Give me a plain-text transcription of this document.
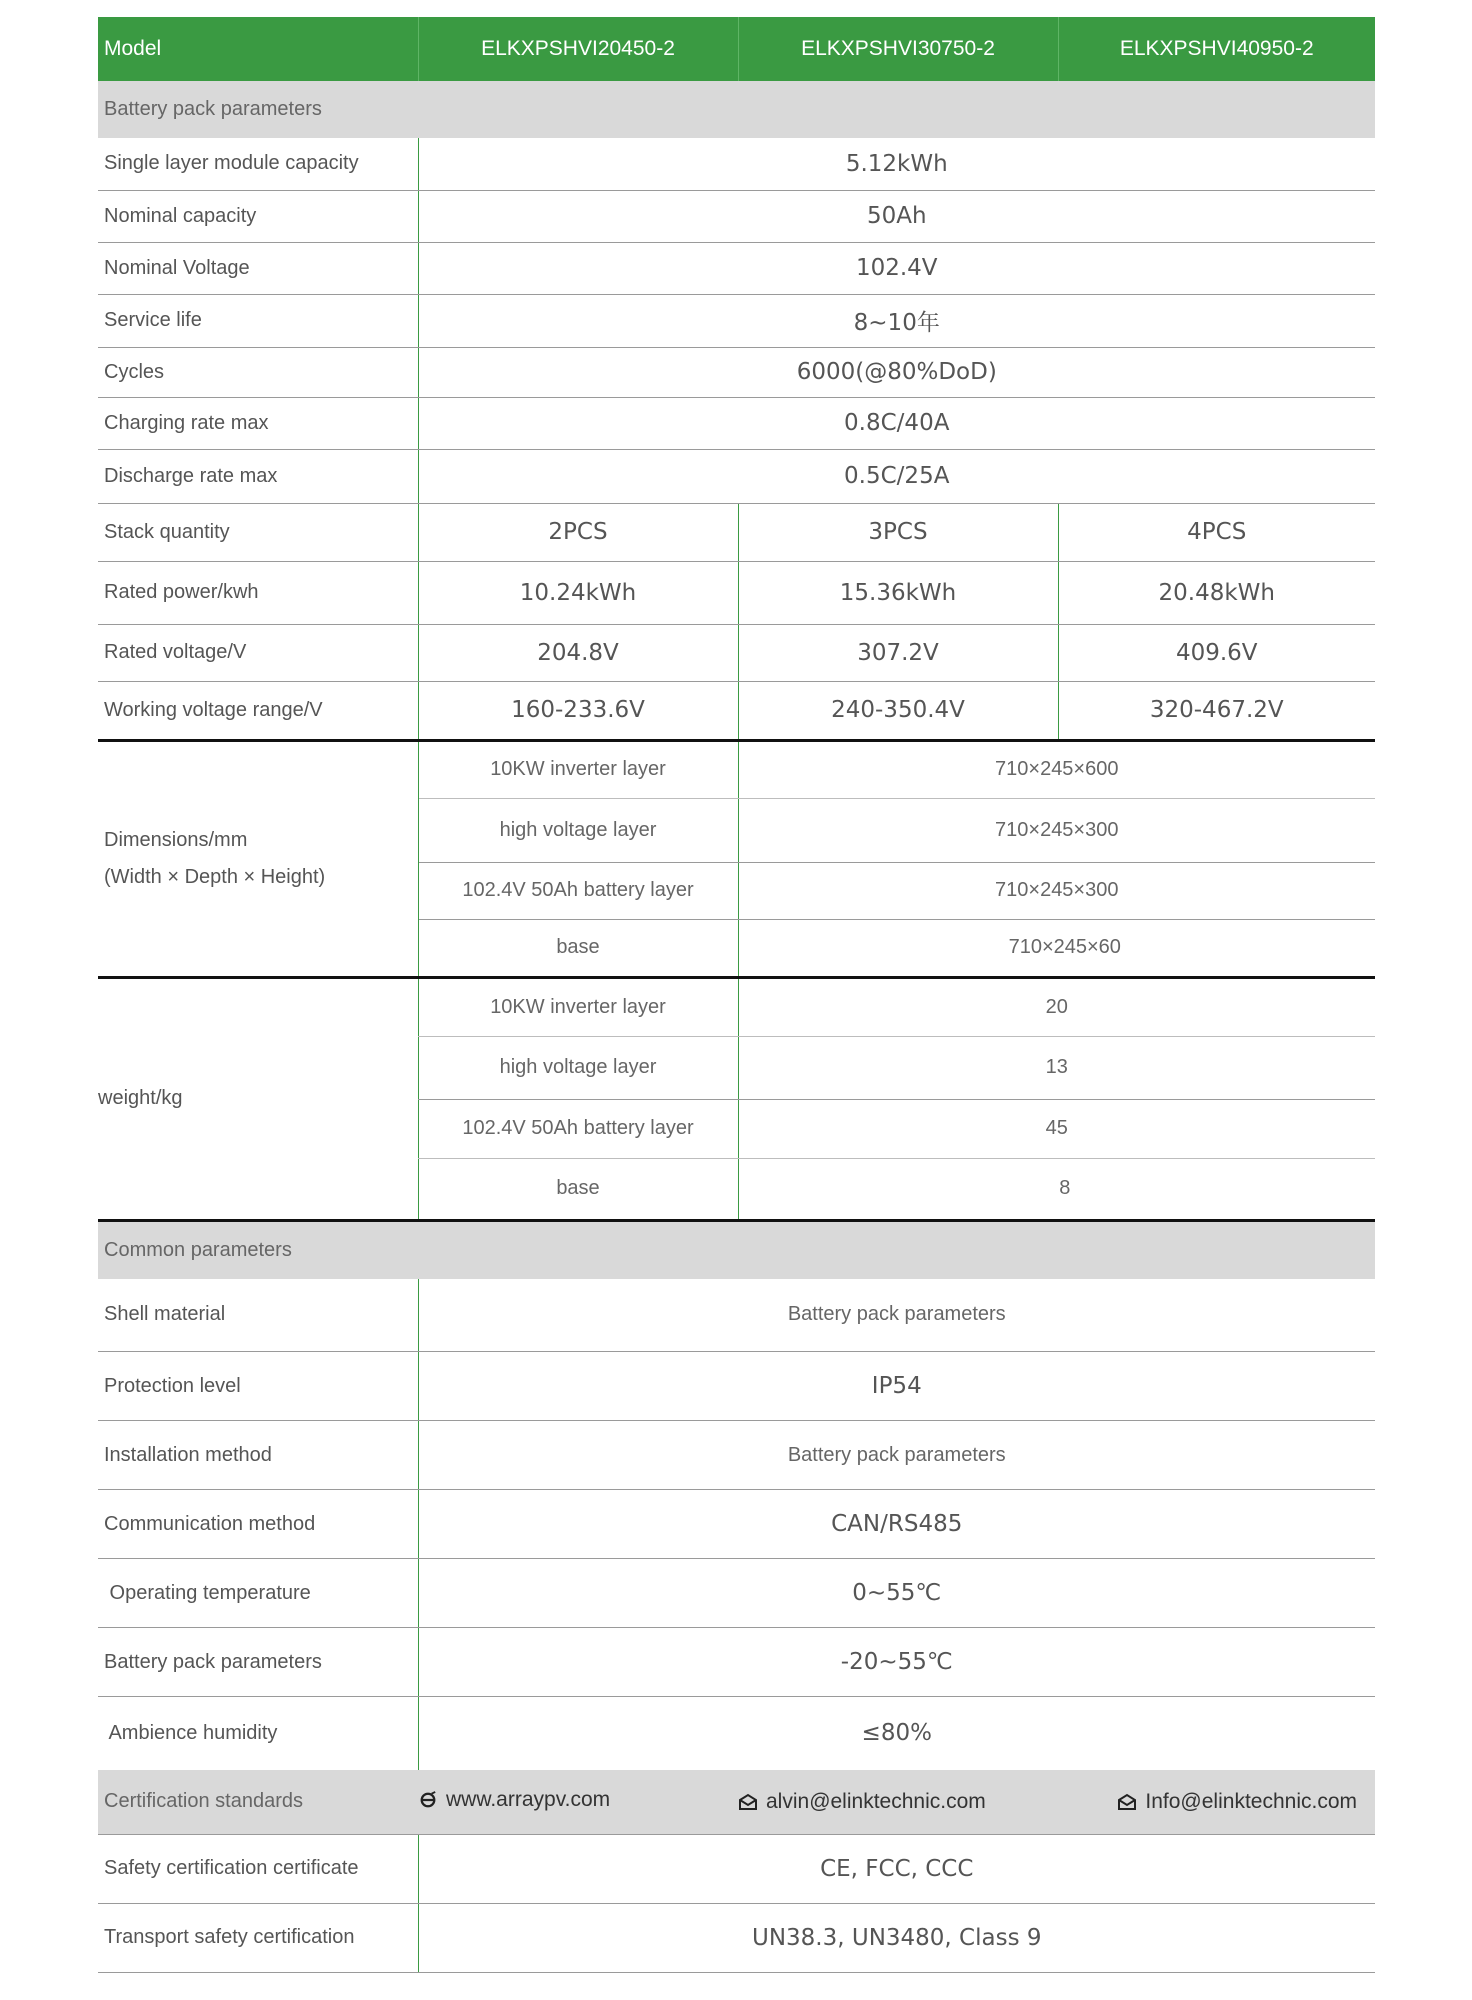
Model	ELKXPSHVI20450-2	ELKXPSHVI30750-2	ELKXPSHVI40950-2
Battery pack parameters			
Single layer module capacity	5.12kWh		
Nominal capacity	50Ah		
Nominal Voltage	102.4V		
Service life	8~10年		
Cycles	6000(@80%DoD)		
Charging rate max	0.8C/40A		
Discharge rate max	0.5C/25A		
Stack quantity	2PCS	3PCS	4PCS
Rated power/kwh	10.24kWh	15.36kWh	20.48kWh
Rated voltage/V	204.8V	307.2V	409.6V
Working voltage range/V	160-233.6V	240-350.4V	320-467.2V

Dimensions/mm
(Width × Depth × Height)	10KW inverter layer	710×245×600	
	high voltage layer	710×245×300	
	102.4V 50Ah battery layer	710×245×300	
	base	710×245×60	
weight/kg	10KW inverter layer	20	
	high voltage layer	13	
	102.4V 50Ah battery layer	45	
	base	8	
Common parameters			
Shell material	Battery pack parameters		
Protection level	IP54		
Installation method	Battery pack parameters		
Communication method	CAN/RS485		
Operating temperature	0~55℃		
Battery pack parameters	-20~55℃		
Ambience humidity	≤80%		
Certification standards	www.arraypv.com	alvin@elinktechnic.com Info@elinktechnic.com	

Safety certification certificate	CE, FCC, CCC		
Transport safety certification	UN38.3, UN3480, Class 9		
